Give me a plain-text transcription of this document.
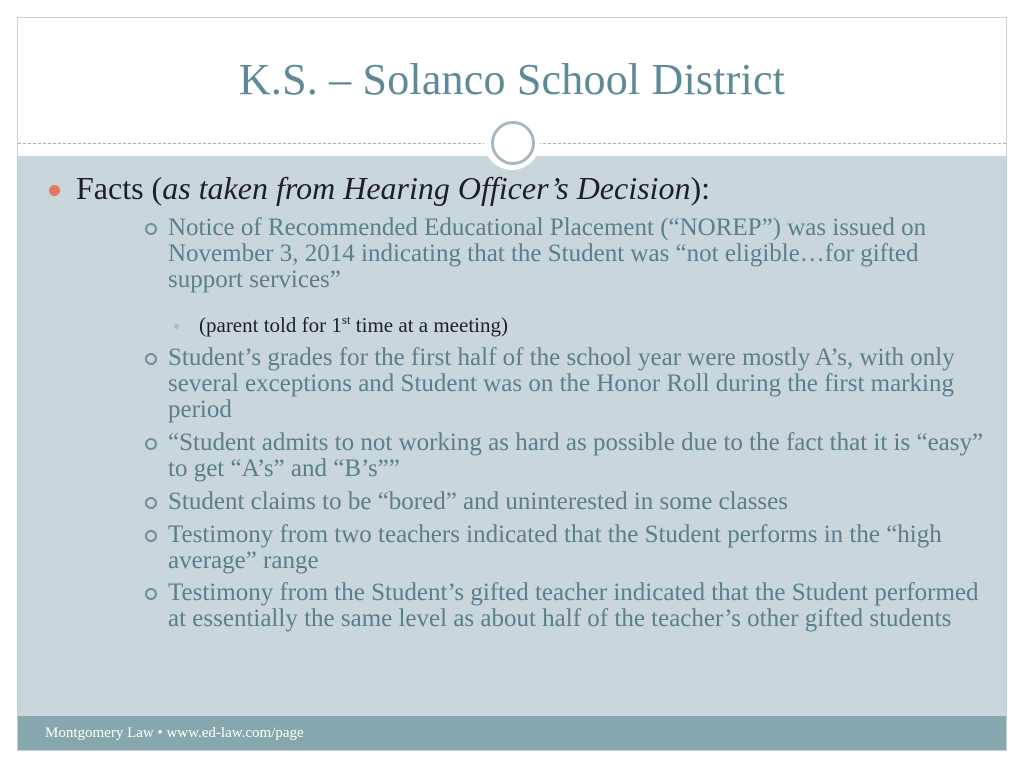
K.S. – Solanco School District
Facts (as taken from Hearing Officer’s Decision):
Notice of Recommended Educational Placement (“NOREP”) was issued on November 3, 2014 indicating that the Student was “not eligible…for gifted support services”
(parent told for 1st time at a meeting)
Student’s grades for the first half of the school year were mostly A’s, with only several exceptions and Student was on the Honor Roll during the first marking period
“Student admits to not working as hard as possible due to the fact that it is “easy” to get “A’s” and “B’s””
Student claims to be “bored” and uninterested in some classes
Testimony from two teachers indicated that the Student performs in the “high average” range
Testimony from the Student’s gifted teacher indicated that the Student performed at essentially the same level as about half of the teacher’s other gifted students
Montgomery Law • www.ed-law.com/page
